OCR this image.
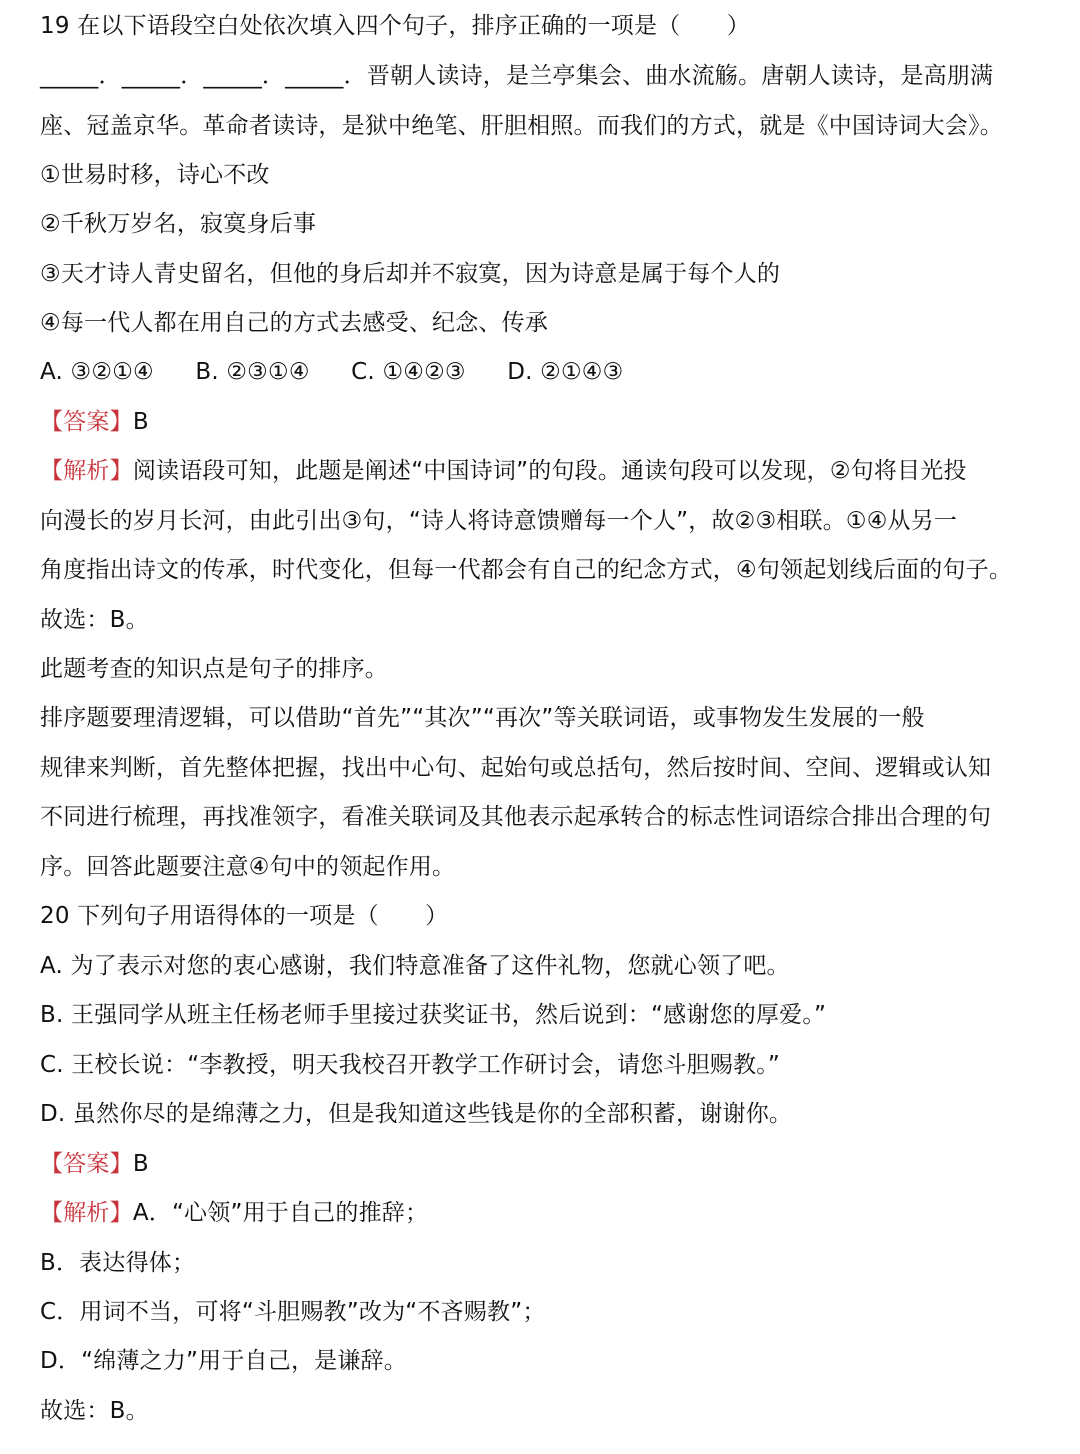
19 在以下语段空白处依次填入四个句子，排序正确的一项是（　　）
_____．_____．_____．_____．晋朝人读诗，是兰亭集会、曲水流觞。唐朝人读诗，是高朋满
座、冠盖京华。革命者读诗，是狱中绝笔、肝胆相照。而我们的方式，就是《中国诗词大会》。
①世易时移，诗心不改
②千秋万岁名，寂寞身后事
③天才诗人青史留名，但他的身后却并不寂寞，因为诗意是属于每个人的
④每一代人都在用自己的方式去感受、纪念、传承
A. ③②①④ B. ②③①④ C. ①④②③ D. ②①④③
【答案】B
【解析】阅读语段可知，此题是阐述“中国诗词”的句段。通读句段可以发现，②句将目光投
向漫长的岁月长河，由此引出③句，“诗人将诗意馈赠每一个人”，故②③相联。①④从另一
角度指出诗文的传承，时代变化，但每一代都会有自己的纪念方式，④句领起划线后面的句子。
故选：B。
此题考查的知识点是句子的排序。
排序题要理清逻辑，可以借助“首先”“其次”“再次”等关联词语，或事物发生发展的一般
规律来判断，首先整体把握，找出中心句、起始句或总括句，然后按时间、空间、逻辑或认知
不同进行梳理，再找准领字，看准关联词及其他表示起承转合的标志性词语综合排出合理的句
序。回答此题要注意④句中的领起作用。
20 下列句子用语得体的一项是（　　）
A. 为了表示对您的衷心感谢，我们特意准备了这件礼物，您就心领了吧。
B. 王强同学从班主任杨老师手里接过获奖证书，然后说到：“感谢您的厚爱。”
C. 王校长说：“李教授，明天我校召开教学工作研讨会，请您斗胆赐教。”
D. 虽然你尽的是绵薄之力，但是我知道这些钱是你的全部积蓄，谢谢你。
【答案】B
【解析】A．“心领”用于自己的推辞；
B．表达得体；
C．用词不当，可将“斗胆赐教”改为“不吝赐教”；
D．“绵薄之力”用于自己，是谦辞。
故选：B。
